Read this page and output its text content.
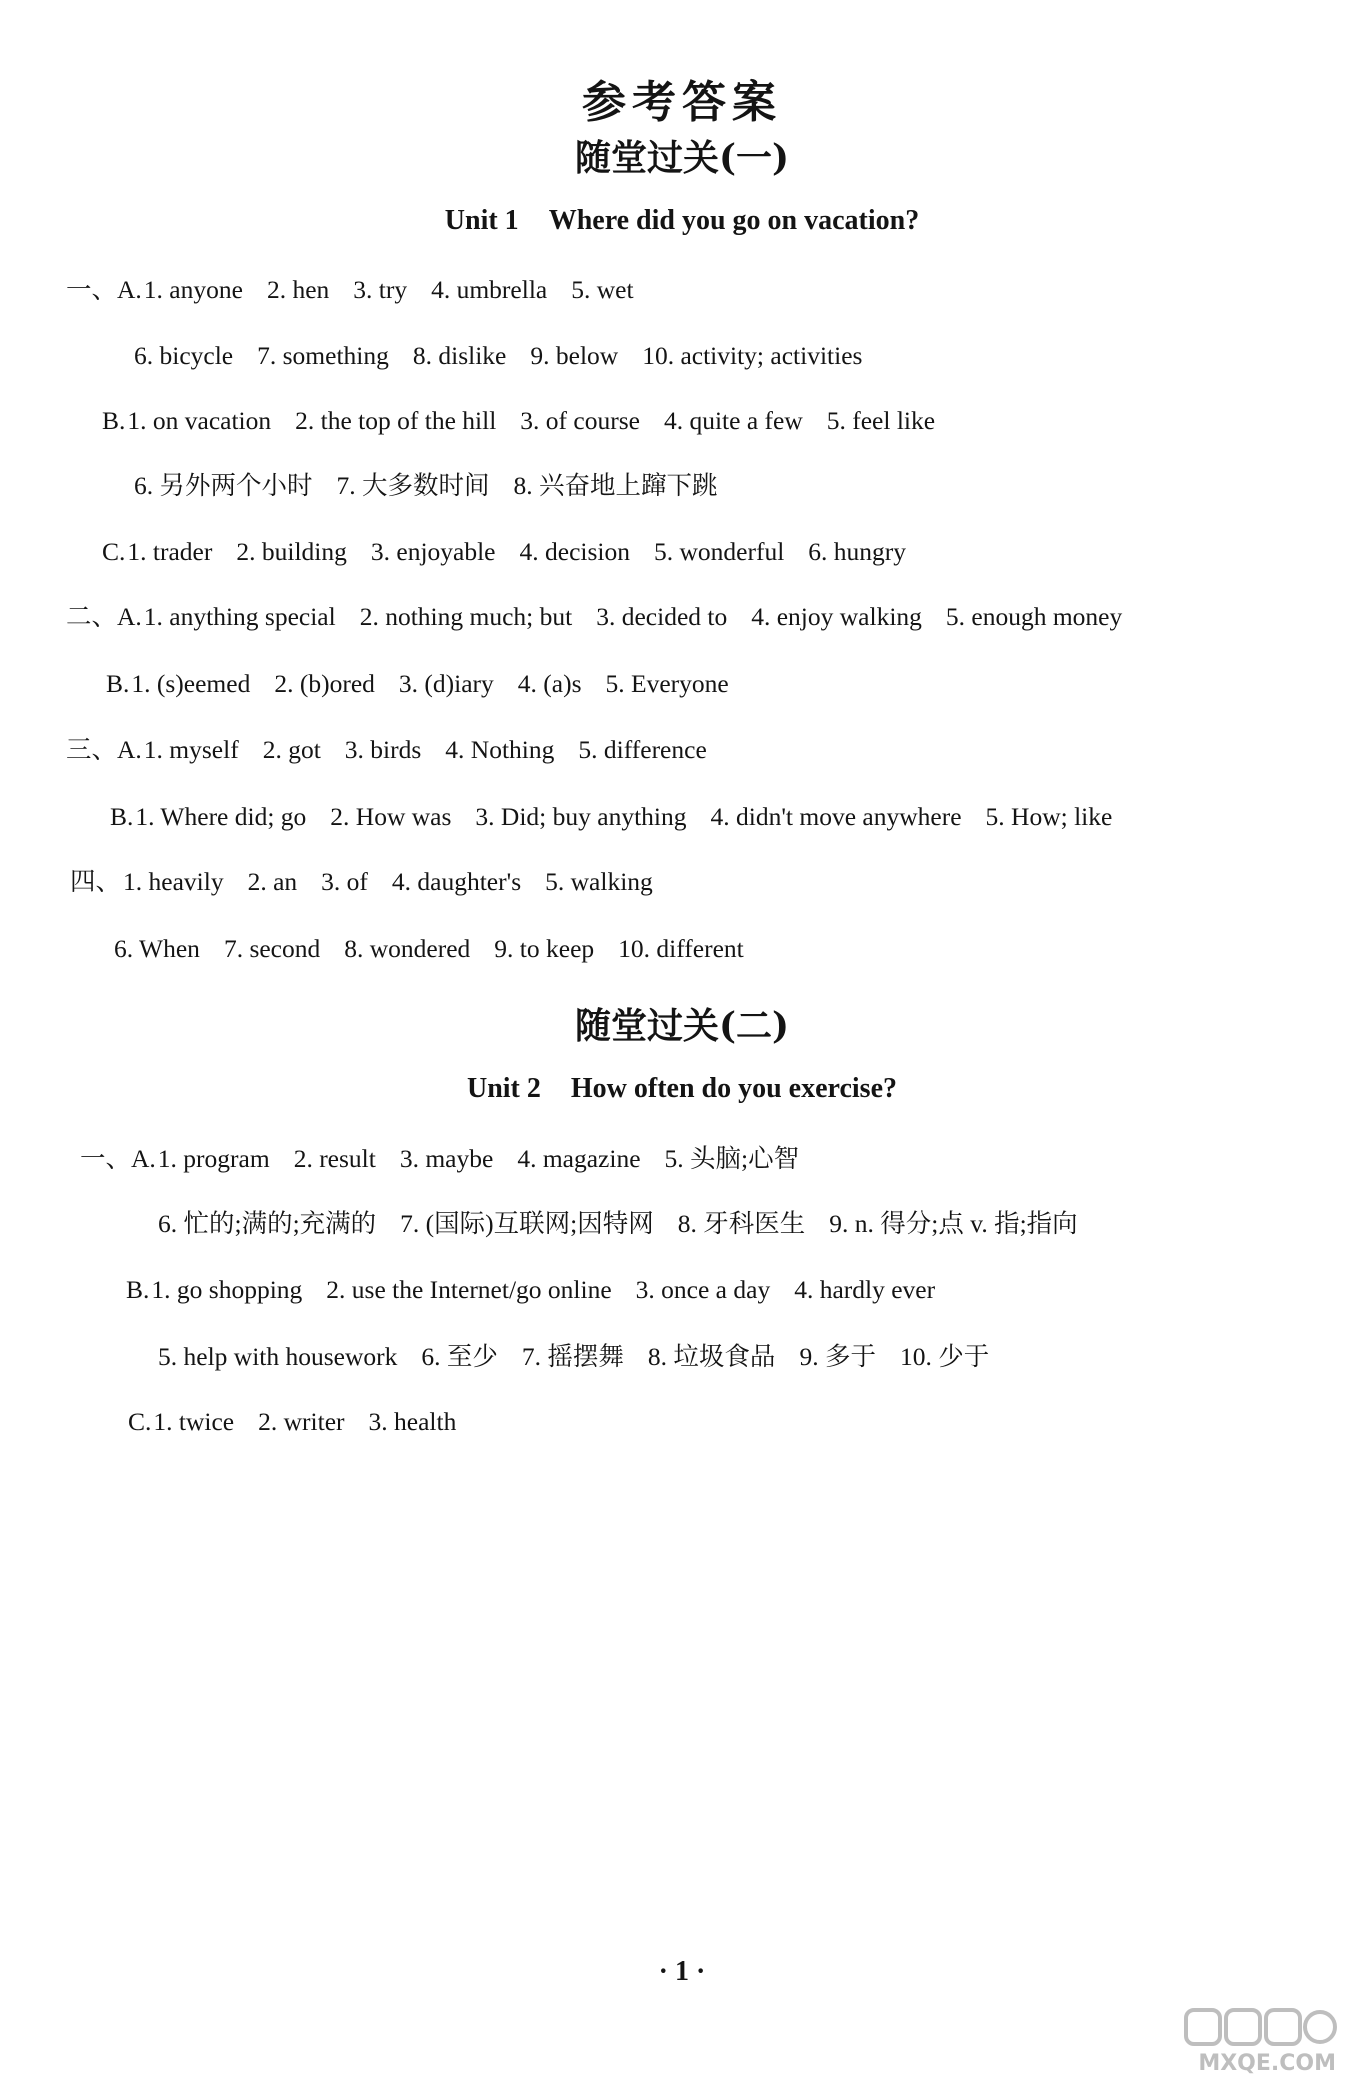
参考答案
随堂过关(一)
Unit 1 Where did you go on vacation?
一、A.1. anyone 2. hen 3. try 4. umbrella 5. wet
6. bicycle 7. something 8. dislike 9. below 10. activity; activities
B.1. on vacation 2. the top of the hill 3. of course 4. quite a few 5. feel like
6. 另外两个小时 7. 大多数时间 8. 兴奋地上蹿下跳
C.1. trader 2. building 3. enjoyable 4. decision 5. wonderful 6. hungry
二、A.1. anything special 2. nothing much; but 3. decided to 4. enjoy walking 5. enough money
B.1. (s)eemed 2. (b)ored 3. (d)iary 4. (a)s 5. Everyone
三、A.1. myself 2. got 3. birds 4. Nothing 5. difference
B.1. Where did; go 2. How was 3. Did; buy anything 4. didn't move anywhere 5. How; like
四、1. heavily 2. an 3. of 4. daughter's 5. walking
6. When 7. second 8. wondered 9. to keep 10. different
随堂过关(二)
Unit 2 How often do you exercise?
一、A.1. program 2. result 3. maybe 4. magazine 5. 头脑;心智
6. 忙的;满的;充满的 7. (国际)互联网;因特网 8. 牙科医生 9. n. 得分;点 v. 指;指向
B.1. go shopping 2. use the Internet/go online 3. once a day 4. hardly ever
5. help with housework 6. 至少 7. 摇摆舞 8. 垃圾食品 9. 多于 10. 少于
C.1. twice 2. writer 3. health
· 1 ·
MXQE.COM
